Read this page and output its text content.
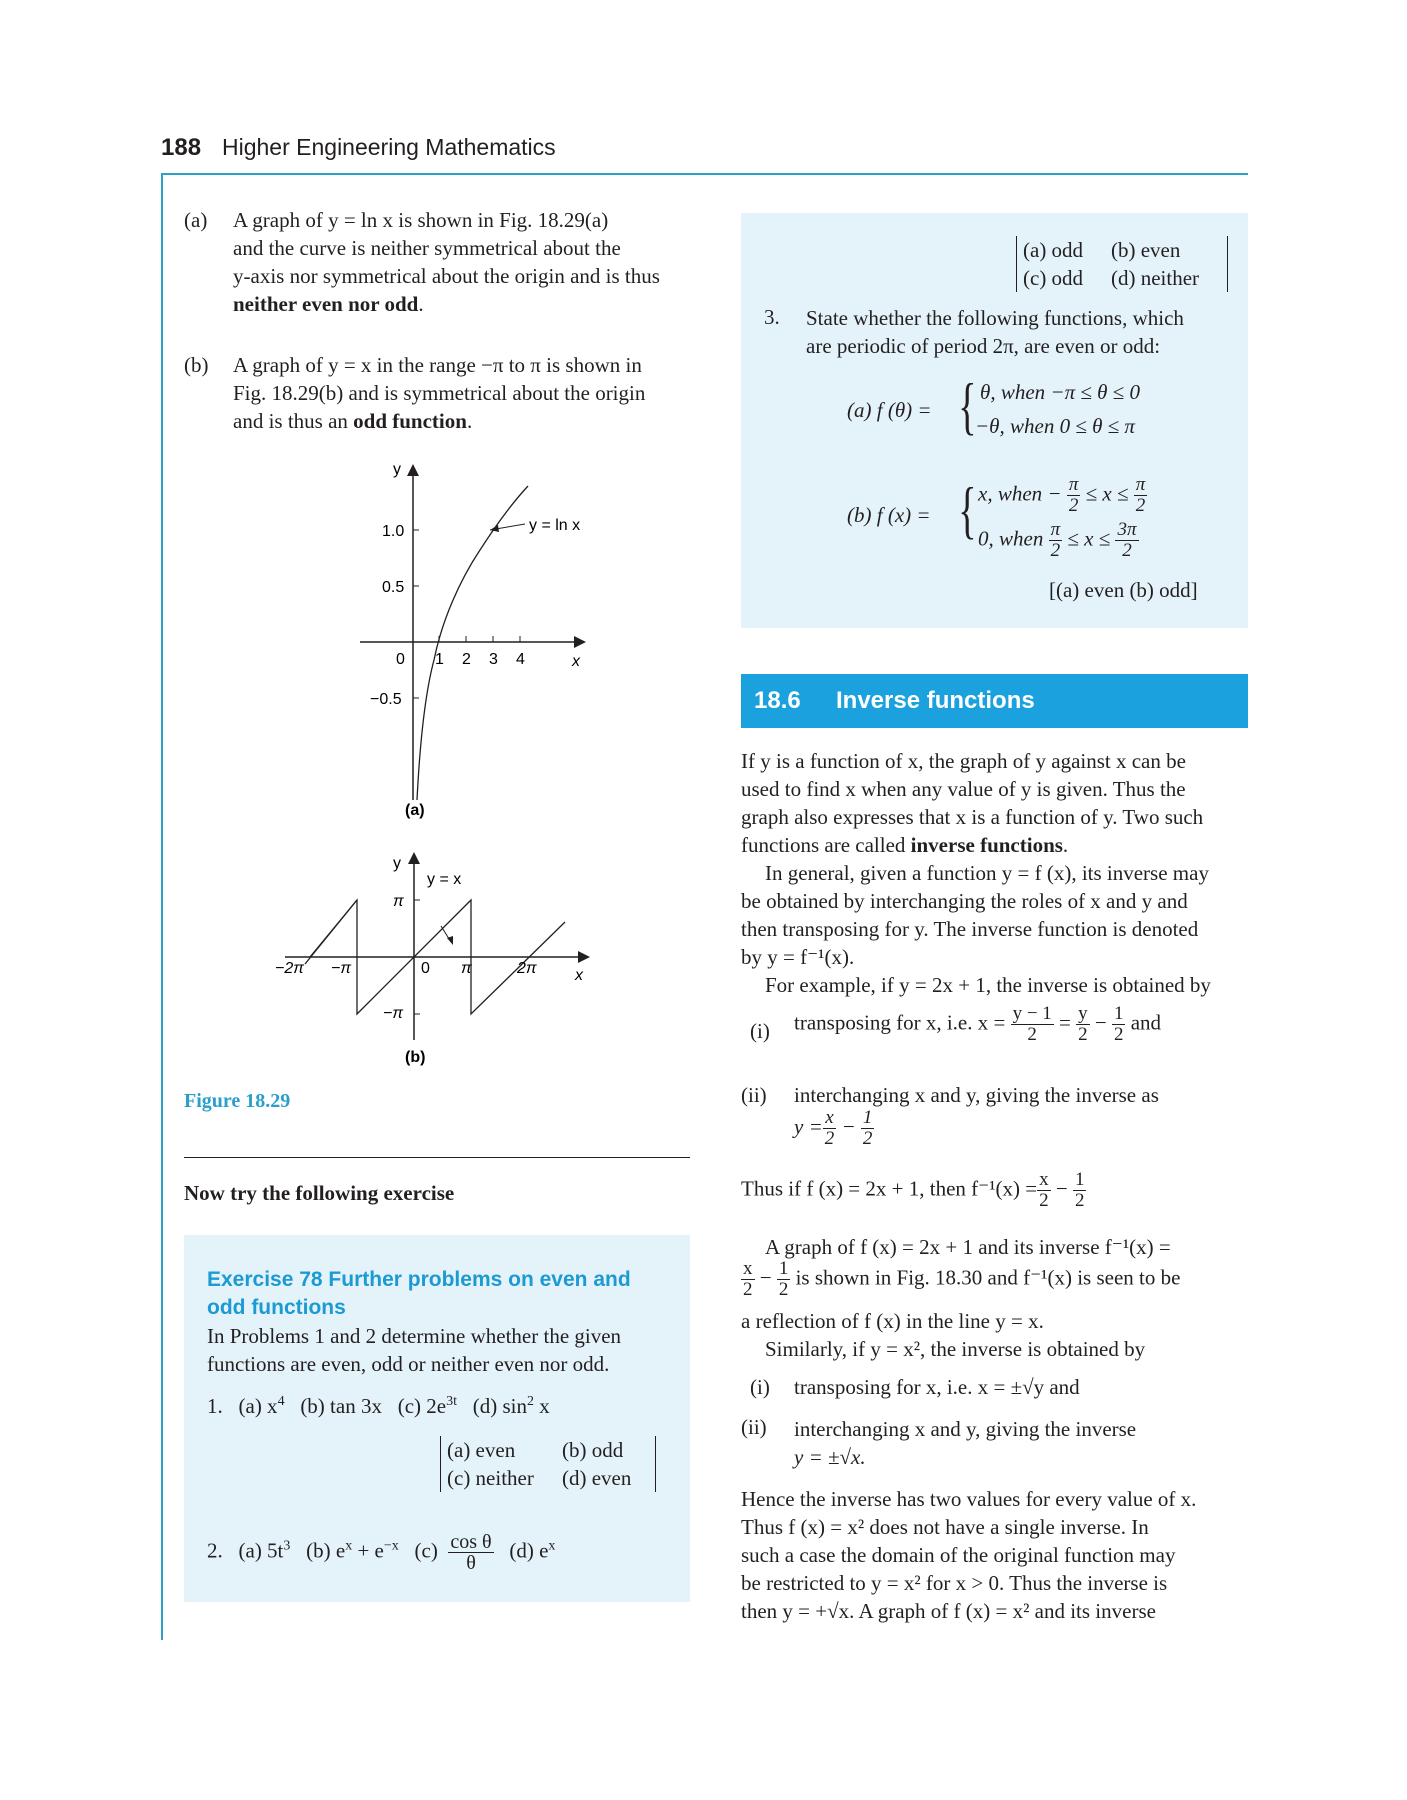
188 Higher Engineering Mathematics
(a) A graph of y = ln x is shown in Fig. 18.29(a)
and the curve is neither symmetrical about the
y-axis nor symmetrical about the origin and is thus
neither even nor odd.
(b) A graph of y = x in the range −π to π is shown in
Fig. 18.29(b) and is symmetrical about the origin
and is thus an odd function.
y
y = ln x
1.0
0.5
0
−0.5
1 2 3 4	x
(a)
y
y = x
π
−π
−2π −π	0 π	2π x
(b)
Figure 18.29
Now try the following exercise
Exercise 78 Further problems on even and
odd functions
In Problems 1 and 2 determine whether the given
functions are even, odd or neither even nor odd.
1. (a) $x^4$ (b) tan 3x (c) $2e^{3t}$ (d) $\sin^2 x$
(a) even (b) odd
(c) neither (d) even
2. (a) $5t^3$ (b) $e^x + e^{-x}$ $(c) \frac{\text{cos θ}}{\theta} (d)$ $e^x$
(a) odd (b) even
(c) odd (d) neither
3. State whether the following functions, which
are periodic of period 2π, are even or odd:
(a) f (θ) = { θ, when −π ≤ θ ≤ 0
−θ, when 0 ≤ θ ≤ π
(b) f (x) = { x, when − $\frac{\pi}{2} \le x \le \frac{\pi}{2}$
0, when $\frac{\pi}{2} \le x \le \frac{3\pi}{2}$
[(a) even (b) odd]
18.6 Inverse functions
If y is a function of x, the graph of y against x can be
used to find x when any value of y is given. Thus the
graph also expresses that x is a function of y. Two such
functions are called inverse functions.
In general, given a function y = f (x), its inverse may
be obtained by interchanging the roles of x and y and
then transposing for y. The inverse function is denoted
by y = f⁻¹(x).
For example, if y = 2x + 1, the inverse is obtained by
(i) transposing for x, i.e. $x = \frac{y - 1}{2} = \frac{y}{2} - \frac{1}{2}$ and
(ii) interchanging x and y, giving the inverse as
$y = \frac{x}{2} - \frac{1}{2}$
Thus if f (x) = 2x + 1, then $f^{-1}(x) = \frac{x}{2} - \frac{1}{2}$
A graph of f (x) = 2x + 1 and its inverse f⁻¹(x) =
$\frac{x}{2} - \frac{1}{2}$ is shown in Fig. 18.30 and f⁻¹(x) is seen to be
a reflection of f (x) in the line y = x.
Similarly, if y = x², the inverse is obtained by
(i) transposing for x, i.e. x = ±√y and
(ii) interchanging x and y, giving the inverse
y = ±√x.
Hence the inverse has two values for every value of x.
Thus f (x) = x² does not have a single inverse. In
such a case the domain of the original function may
be restricted to y = x² for x > 0. Thus the inverse is
then y = +√x. A graph of f (x) = x² and its inverse
